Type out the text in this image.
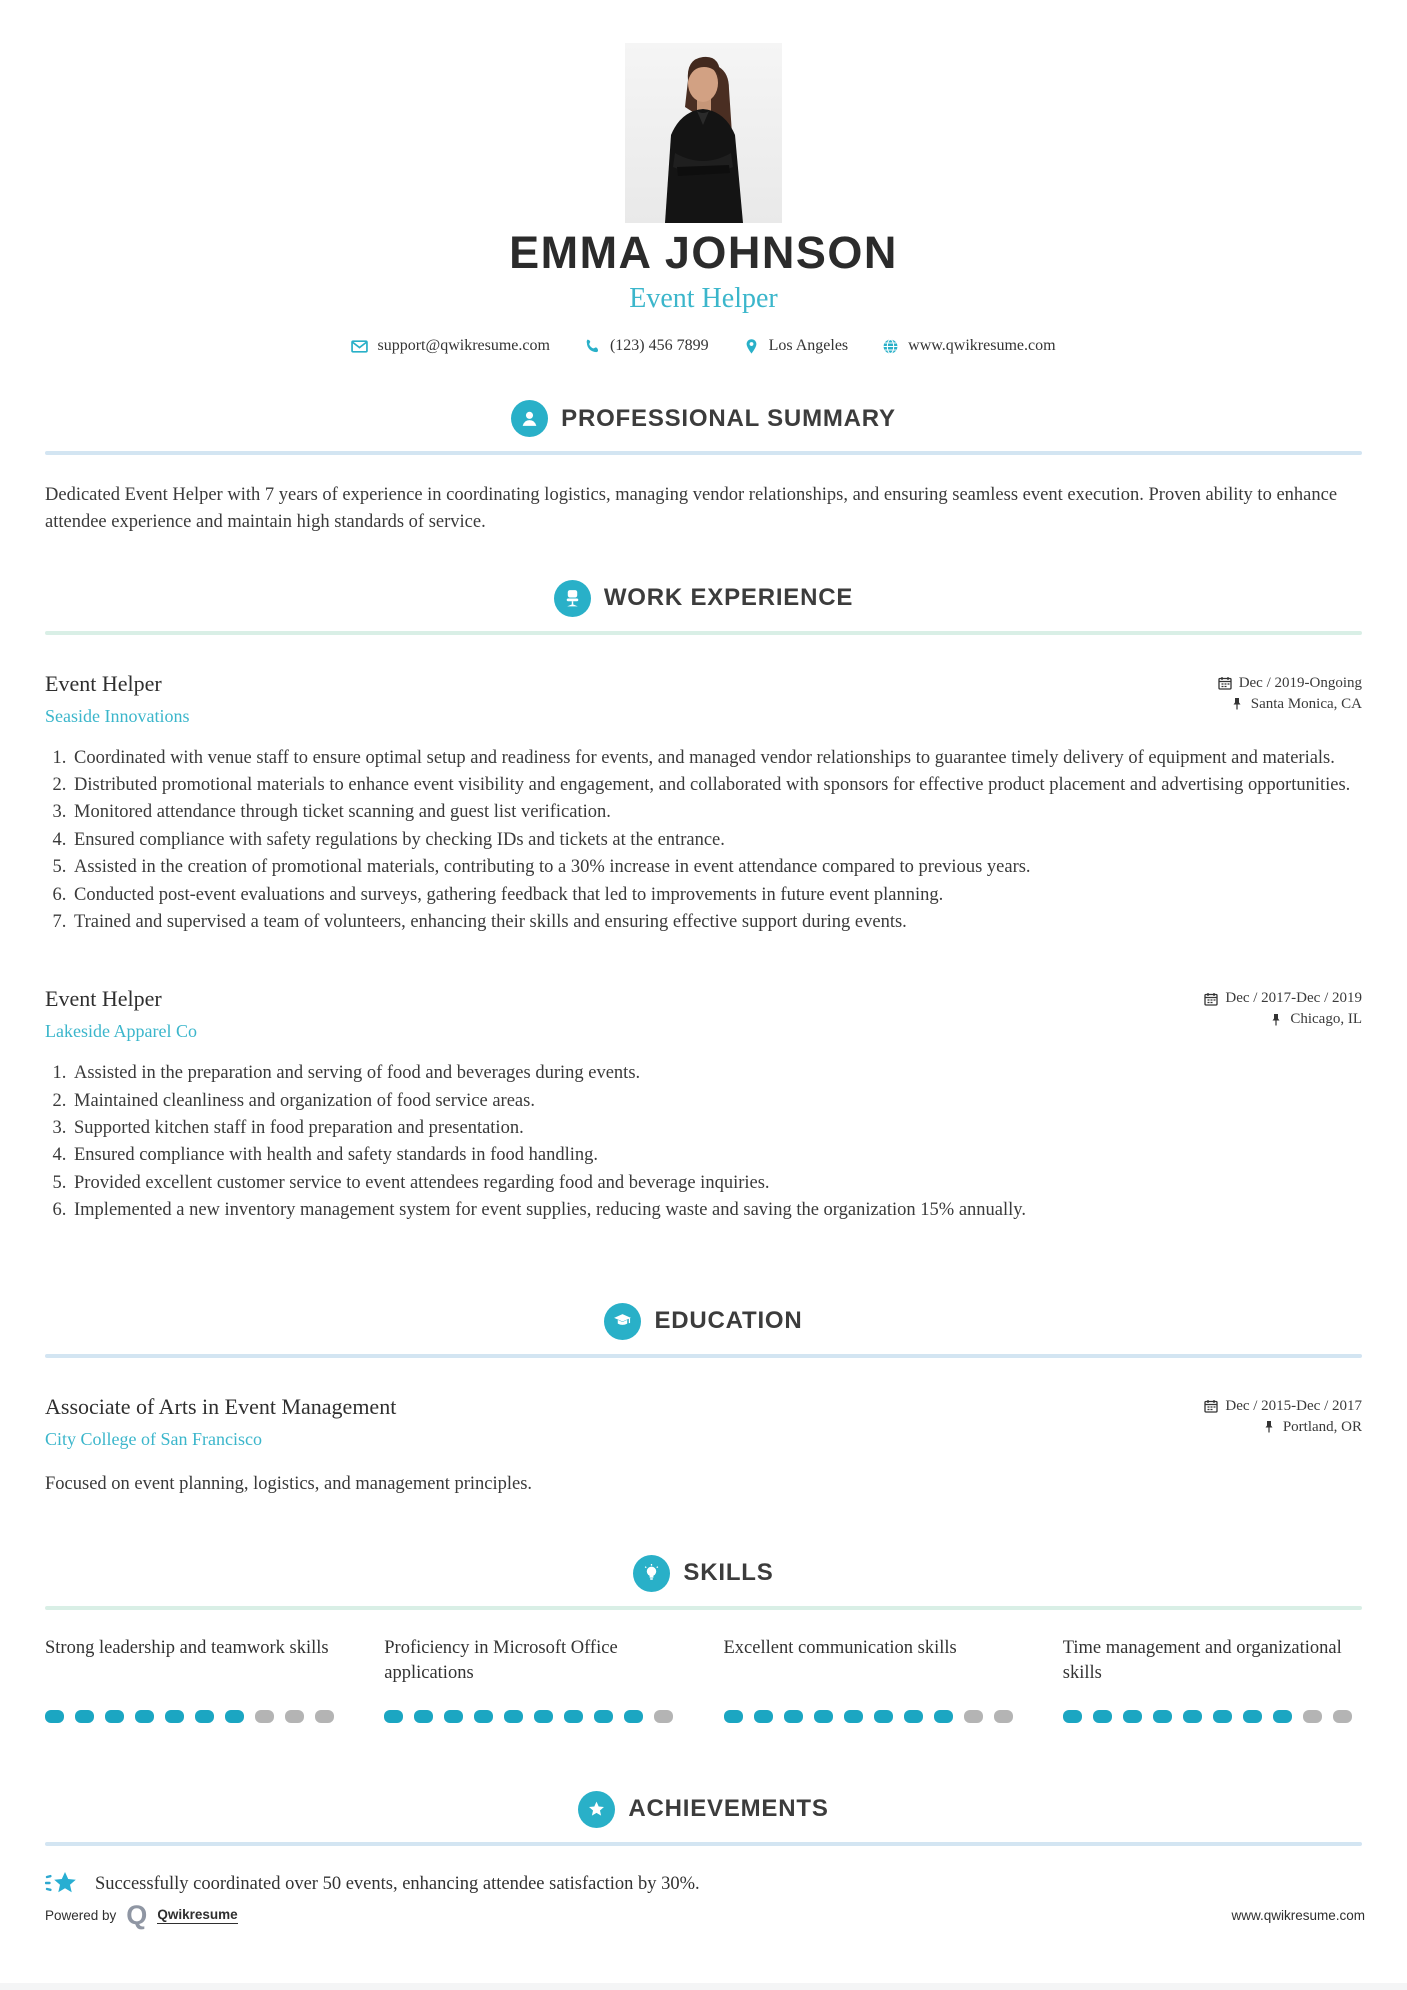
EMMA JOHNSON
Event Helper
support@qwikresume.com	(123) 456 7899	Los Angeles	www.qwikresume.com
PROFESSIONAL SUMMARY

Dedicated Event Helper with 7 years of experience in coordinating logistics, managing vendor relationships, and ensuring seamless event execution. Proven ability to enhance attendee experience and maintain high standards of service.

WORK EXPERIENCE
Event Helper
Seaside Innovations
Dec / 2019-Ongoing
Santa Monica, CA
1. Coordinated with venue staff to ensure optimal setup and readiness for events, and managed vendor relationships to guarantee timely delivery of equipment and materials.
2. Distributed promotional materials to enhance event visibility and engagement, and collaborated with sponsors for effective product placement and advertising opportunities.
3. Monitored attendance through ticket scanning and guest list verification.
4. Ensured compliance with safety regulations by checking IDs and tickets at the entrance.
5. Assisted in the creation of promotional materials, contributing to a 30% increase in event attendance compared to previous years.
6. Conducted post-event evaluations and surveys, gathering feedback that led to improvements in future event planning.
7. Trained and supervised a team of volunteers, enhancing their skills and ensuring effective support during events.
Event Helper
Lakeside Apparel Co
Dec / 2017-Dec / 2019
Chicago, IL
1. Assisted in the preparation and serving of food and beverages during events.
2. Maintained cleanliness and organization of food service areas.
3. Supported kitchen staff in food preparation and presentation.
4. Ensured compliance with health and safety standards in food handling.
5. Provided excellent customer service to event attendees regarding food and beverage inquiries.
6. Implemented a new inventory management system for event supplies, reducing waste and saving the organization 15% annually.
EDUCATION
Associate of Arts in Event Management
City College of San Francisco
Dec / 2015-Dec / 2017
Portland, OR

Focused on event planning, logistics, and management principles.

SKILLS
Strong leadership and teamwork skills	Proficiency in Microsoft Office applications
Excellent communication skills	Time management and organizational skills
ACHIEVEMENTS
Successfully coordinated over 50 events, enhancing attendee satisfaction by 30%.
Powered by Q Qwikresume	www.qwikresume.com
